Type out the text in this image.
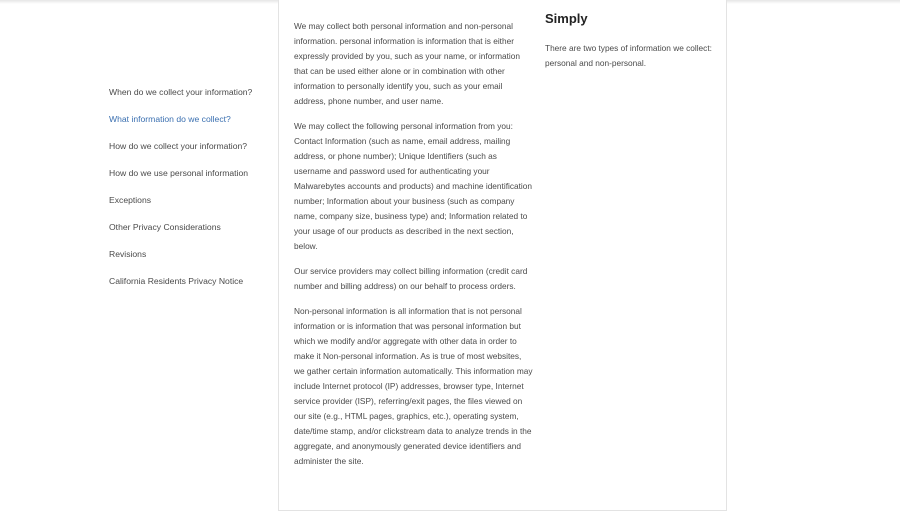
When do we collect your information?
What information do we collect?
How do we collect your information?
How do we use personal information
Exceptions
Other Privacy Considerations
Revisions
California Residents Privacy Notice

We may collect both personal information and non-personal information. personal information is information that is either expressly provided by you, such as your name, or information that can be used either alone or in combination with other information to personally identify you, such as your email address, phone number, and user name.

We may collect the following personal information from you: Contact Information (such as name, email address, mailing address, or phone number); Unique Identifiers (such as username and password used for authenticating your Malwarebytes accounts and products) and machine identification number; Information about your business (such as company name, company size, business type) and; Information related to your usage of our products as described in the next section, below.

Our service providers may collect billing information (credit card number and billing address) on our behalf to process orders.

Non-personal information is all information that is not personal information or is information that was personal information but which we modify and/or aggregate with other data in order to make it Non-personal information. As is true of most websites, we gather certain information automatically. This information may include Internet protocol (IP) addresses, browser type, Internet service provider (ISP), referring/exit pages, the files viewed on our site (e.g., HTML pages, graphics, etc.), operating system, date/time stamp, and/or clickstream data to analyze trends in the aggregate, and anonymously generated device identifiers and administer the site.

Simply

There are two types of information we collect: personal and non-personal.
